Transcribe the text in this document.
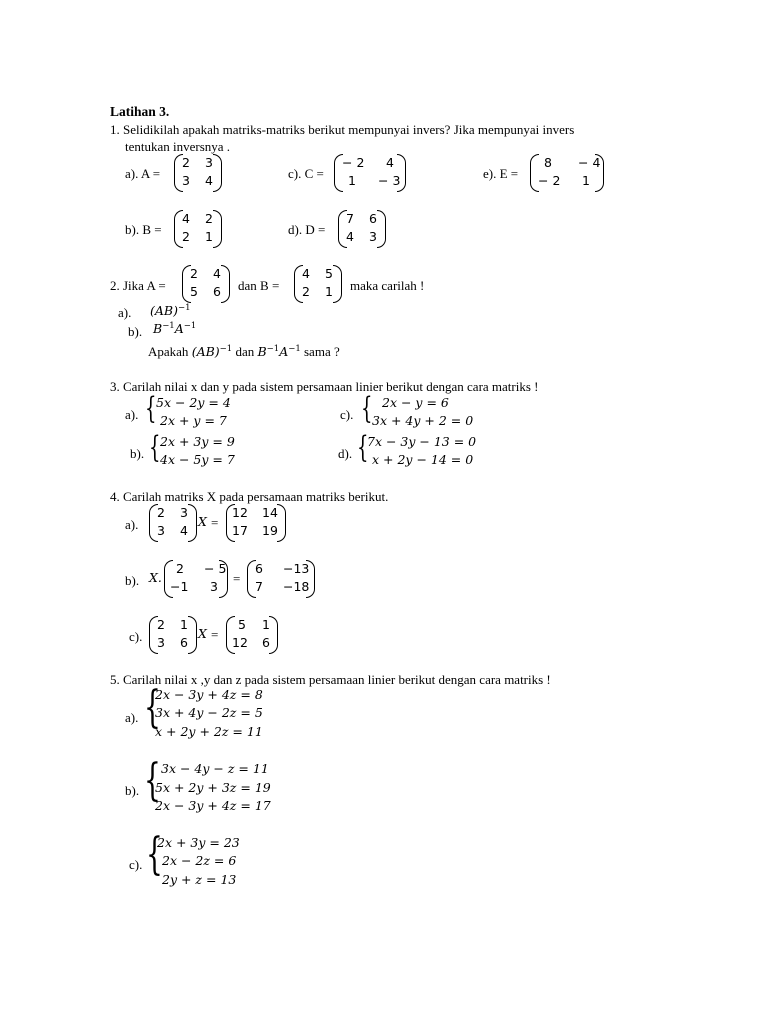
Latihan 3.
1. Selidikilah apakah matriks-matriks berikut mempunyai invers? Jika mempunyai invers
tentukan inversnya .
a). A =
2 3
3 4	c). C =
− 2 4
1 − 3	e). E =
8 − 4
− 2 1
b). B =
4 2
2 1	d). D =
7 6
4 3
2. Jika A =
2 4
5 6 dan B =
4 5
2 1 maka carilah !
a). (AB)$^{-1}$
b). $B^{-1}A^{-1}$
Apakah (AB)$^{-1}$ dan $B^{-1}A^{-1}$ sama ?
3. Carilah nilai x dan y pada sistem persamaan linier berikut dengan cara matriks !
a). { 5x − 2y = 4
2x + y = 7	c). { 2x − y = 6
3x + 4y + 2 = 0
b). { 2x + 3y = 9
4x − 5y = 7	d). {
7x − 3y − 13 = 0
x + 2y − 14 = 0
4. Carilah matriks X pada persamaan matriks berikut.
a).
2 3
3 4
X =
12 14
17 19
b). X.
2 − 5
−1 3
=
6 −13
7 −18
c).
2 1
3 6
X =
5 1
12 6
5. Carilah nilai x ,y dan z pada sistem persamaan linier berikut dengan cara matriks !
a). {
2x − 3y + 4z = 8
3x + 4y − 2z = 5
x + 2y + 2z = 11
b). { 3x − 4y − z = 11
5x + 2y + 3z = 19
2x − 3y + 4z = 17
c). {
2x + 3y = 23
2x − 2z = 6
2y + z = 13
